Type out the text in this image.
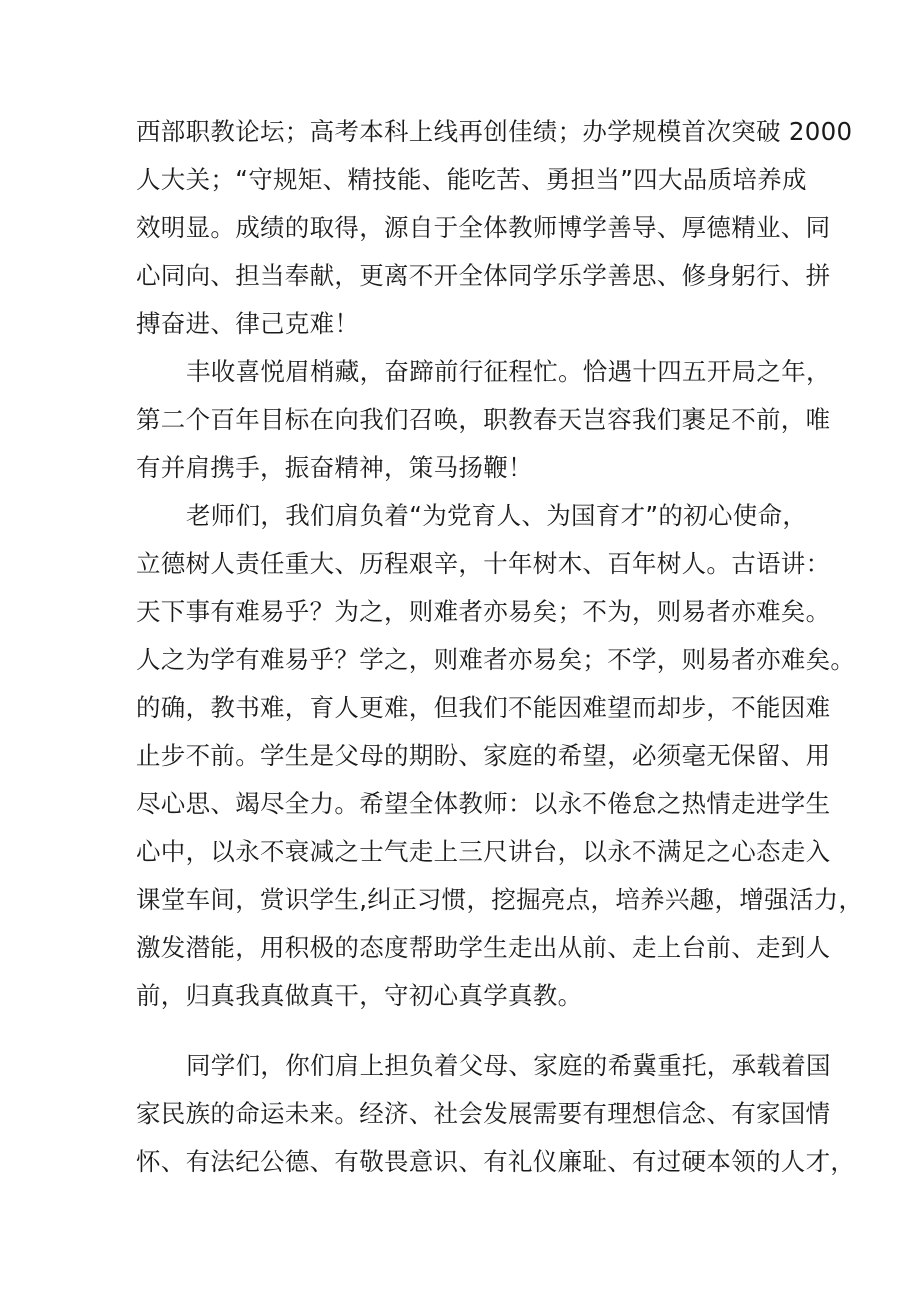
西部职教论坛；高考本科上线再创佳绩；办学规模首次突破 2000
人大关；“守规矩、精技能、能吃苦、勇担当”四大品质培养成
效明显。成绩的取得，源自于全体教师博学善导、厚德精业、同
心同向、担当奉献，更离不开全体同学乐学善思、修身躬行、拼
搏奋进、律己克难！
丰收喜悦眉梢藏，奋蹄前行征程忙。恰遇十四五开局之年，
第二个百年目标在向我们召唤，职教春天岂容我们裹足不前，唯
有并肩携手，振奋精神，策马扬鞭！
老师们，我们肩负着“为党育人、为国育才”的初心使命，
立德树人责任重大、历程艰辛，十年树木、百年树人。古语讲：
天下事有难易乎？为之，则难者亦易矣；不为，则易者亦难矣。
人之为学有难易乎？学之，则难者亦易矣；不学，则易者亦难矣。
的确，教书难，育人更难，但我们不能因难望而却步，不能因难
止步不前。学生是父母的期盼、家庭的希望，必须毫无保留、用
尽心思、竭尽全力。希望全体教师：以永不倦怠之热情走进学生
心中，以永不衰减之士气走上三尺讲台，以永不满足之心态走入
课堂车间，赏识学生,纠正习惯，挖掘亮点，培养兴趣，增强活力，
激发潜能，用积极的态度帮助学生走出从前、走上台前、走到人
前，归真我真做真干，守初心真学真教。
同学们，你们肩上担负着父母、家庭的希冀重托，承载着国
家民族的命运未来。经济、社会发展需要有理想信念、有家国情
怀、有法纪公德、有敬畏意识、有礼仪廉耻、有过硬本领的人才，
